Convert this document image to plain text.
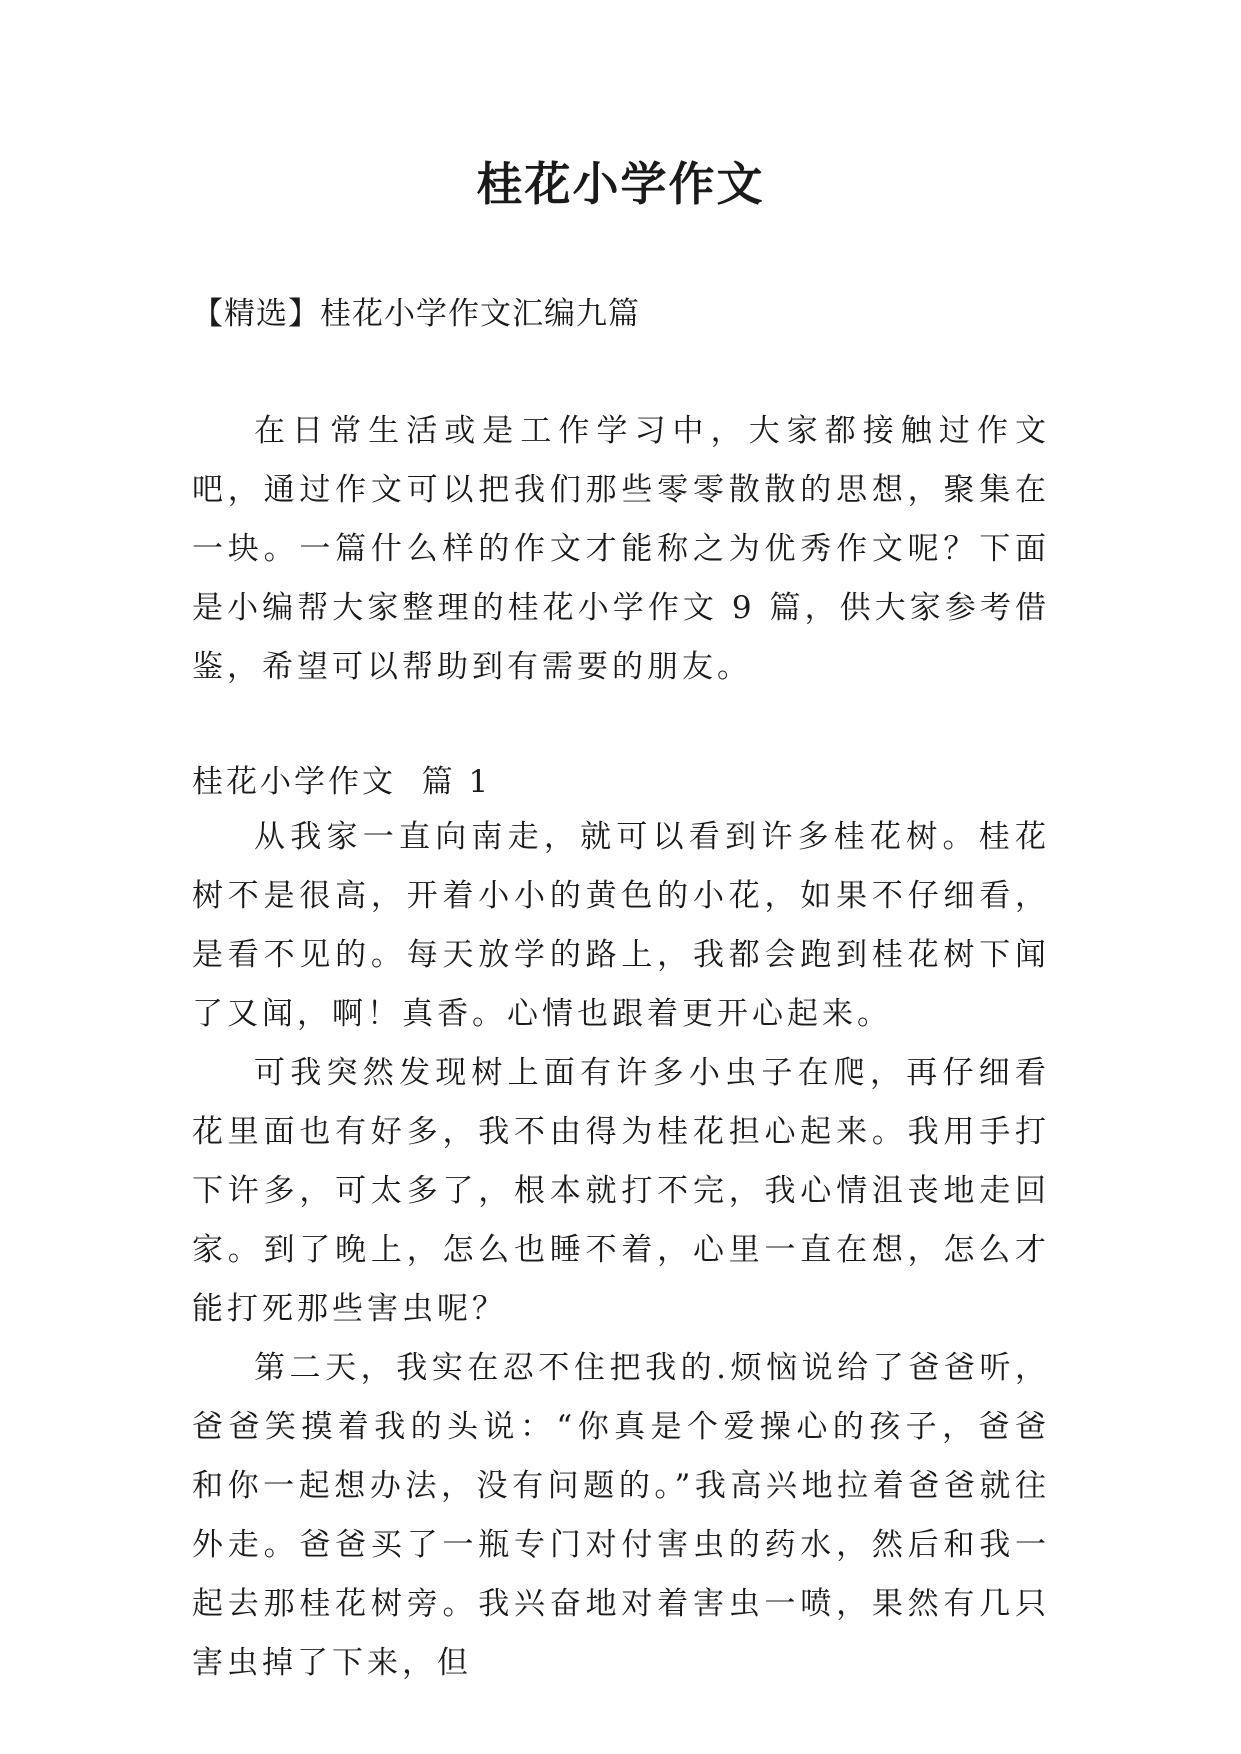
桂花小学作文
【精选】桂花小学作文汇编九篇

在日常生活或是工作学习中，大家都接触过作文吧，通过作文可以把我们那些零零散散的思想，聚集在一块。一篇什么样的作文才能称之为优秀作文呢？下面是小编帮大家整理的桂花小学作文 9 篇，供大家参考借鉴，希望可以帮助到有需要的朋友。

桂花小学作文  篇 1

从我家一直向南走，就可以看到许多桂花树。桂花树不是很高，开着小小的黄色的小花，如果不仔细看，是看不见的。每天放学的路上，我都会跑到桂花树下闻了又闻，啊！真香。心情也跟着更开心起来。

可我突然发现树上面有许多小虫子在爬，再仔细看花里面也有好多，我不由得为桂花担心起来。我用手打下许多，可太多了，根本就打不完，我心情沮丧地走回家。到了晚上，怎么也睡不着，心里一直在想，怎么才能打死那些害虫呢？

第二天，我实在忍不住把我的.烦恼说给了爸爸听，爸爸笑摸着我的头说：“你真是个爱操心的孩子，爸爸和你一起想办法，没有问题的。”我高兴地拉着爸爸就往外走。爸爸买了一瓶专门对付害虫的药水，然后和我一起去那桂花树旁。我兴奋地对着害虫一喷，果然有几只害虫掉了下来，但
